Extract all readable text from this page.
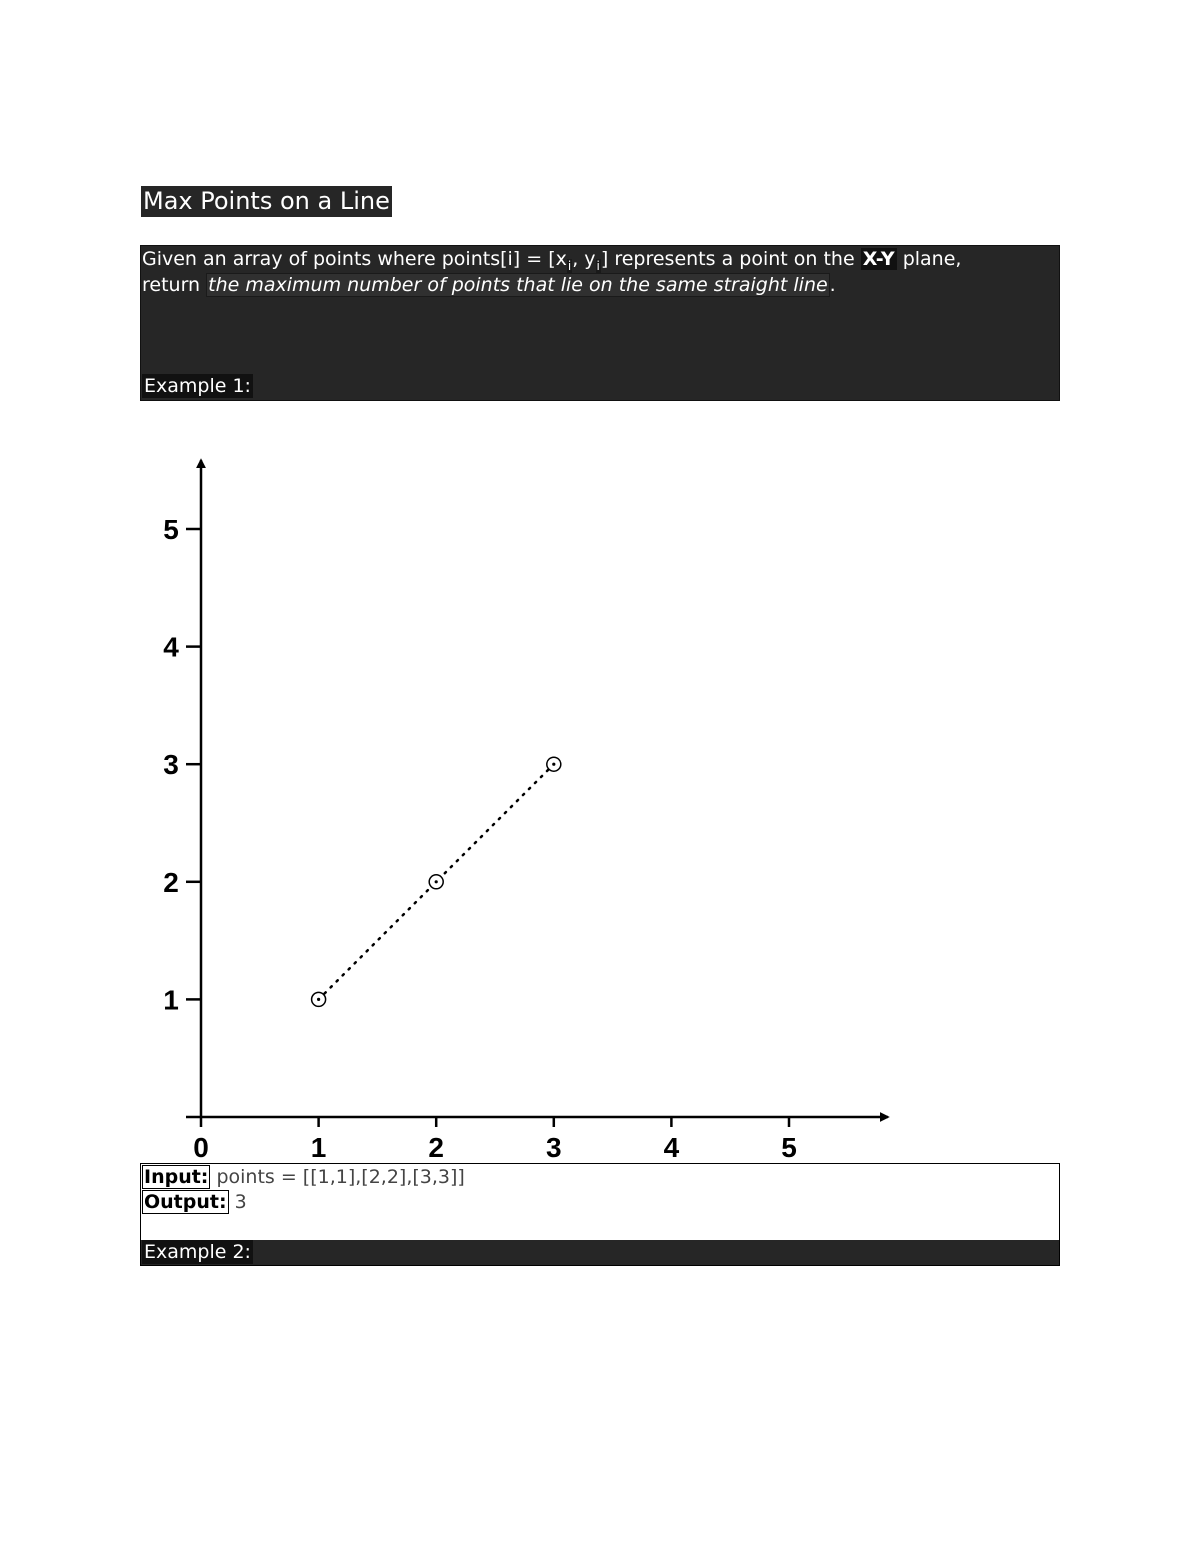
Max Points on a Line
Given an array of points where points[i] = [$x_i$, $y_i$] represents a point on the X-Y plane,
return the maximum number of points that lie on the same straight line .
Example 1:
0	1	2	3	4	5
1
2
3
4
5
Input: points = [[1,1],[2,2],[3,3]]
Output: 3
Example 2:
